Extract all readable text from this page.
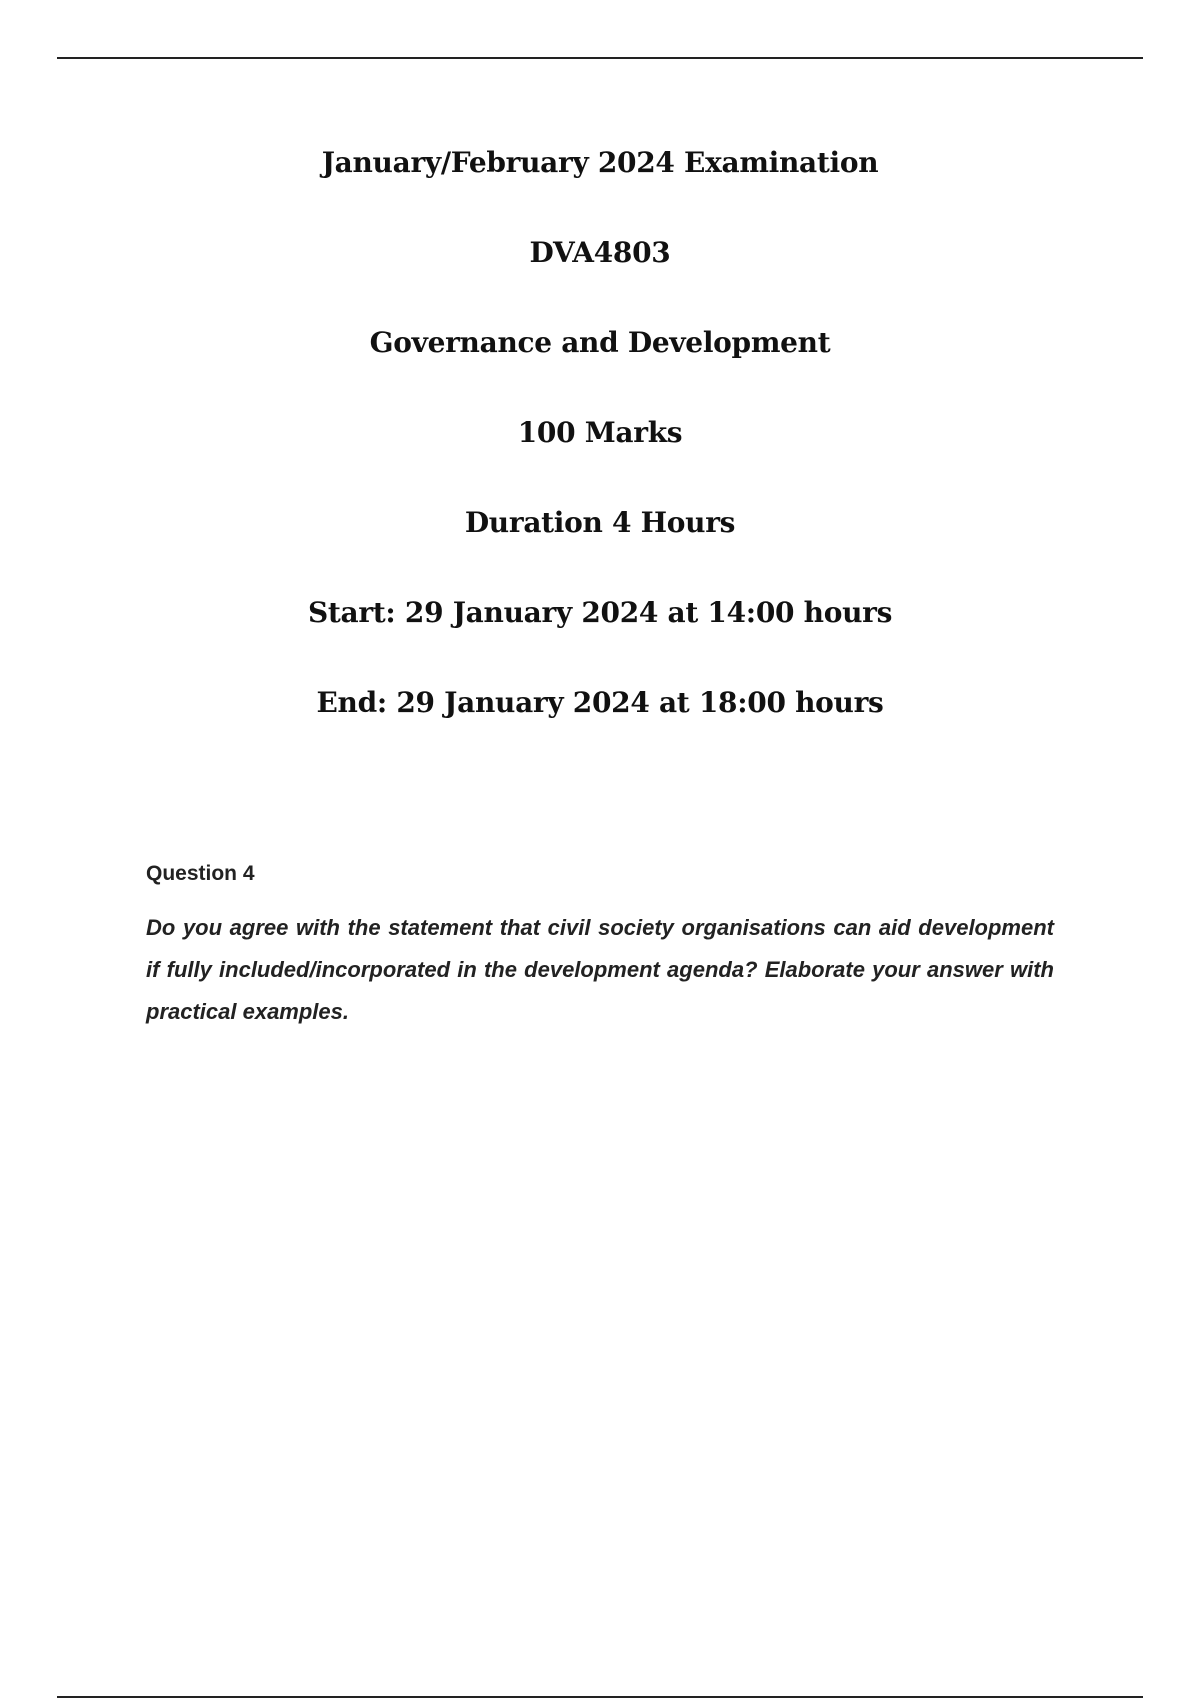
January/February 2024 Examination
DVA4803
Governance and Development
100 Marks
Duration 4 Hours
Start: 29 January 2024 at 14:00 hours
End: 29 January 2024 at 18:00 hours
Question 4

Do you agree with the statement that civil society organisations can aid development if fully included/incorporated in the development agenda? Elaborate your answer with practical examples.
